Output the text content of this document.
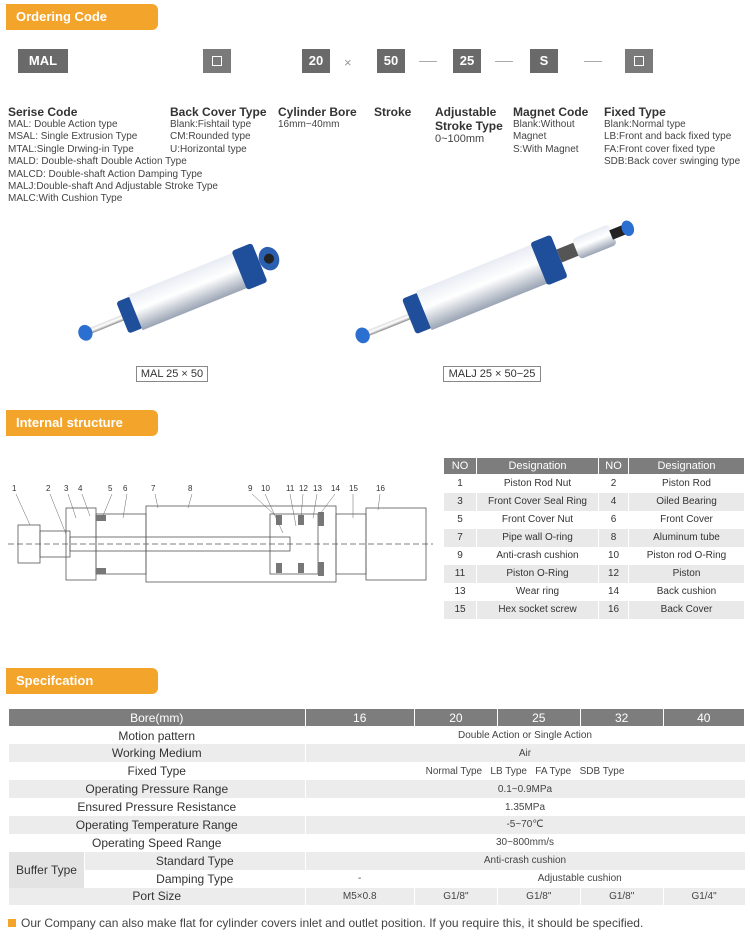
Ordering Code
MAL	20	×	50	25	S
Serise Code
MAL: Double Action type
MSAL: Single Extrusion Type
MTAL:Single Drwing-in Type
MALD: Double-shaft Double Action Type
MALCD: Double-shaft Action Damping Type
MALJ:Double-shaft And Adjustable Stroke Type
MALC:With Cushion Type
Back Cover Type
Blank:Fishtail type
CM:Rounded type
U:Horizontal type
Cylinder Bore
16mm~40mm
Stroke Adjustable
Stroke Type
0~100mm
Magnet Code
Blank:Without
Magnet
S:With Magnet
Fixed Type
Blank:Normal type
LB:Front and back fixed type
FA:Front cover fixed type
SDB:Back cover swinging type
MAL 25 × 50	MALJ 25 × 50−25
Internal structure
1	2 3 4	5 6	7	8	9 10 11 12 13 14 15 16
NO	Designation	NO	Designation
1	Piston Rod Nut	2	Piston Rod
3	Front Cover Seal Ring	4	Oiled Bearing
5	Front Cover Nut	6	Front Cover
7	Pipe wall O-ring	8	Aluminum tube
9	Anti-crash cushion	10	Piston rod O-Ring
11	Piston O-Ring	12	Piston
13	Wear ring	14	Back cushion
15	Hex socket screw	16	Back Cover
Specifcation
Bore(mm)		16	20	25	32	40
Motion pattern		Double Action or Single Action				
Working Medium		Air				
Fixed Type		Normal Type   LB Type   FA Type   SDB Type				
Operating Pressure Range		0.1~0.9MPa				
Ensured Pressure Resistance		1.35MPa				
Operating Temperature Range		-5~70℃				
Operating Speed Range		30~800mm/s				
Buffer Type	Standard Type	Anti-crash cushion				
	Damping Type	-	Adjustable cushion			
Port Size		M5×0.8	G1/8"	G1/8"	G1/8"	G1/4"
Our Company can also make flat for cylinder covers inlet and outlet position. If you require this, it should be specified.
